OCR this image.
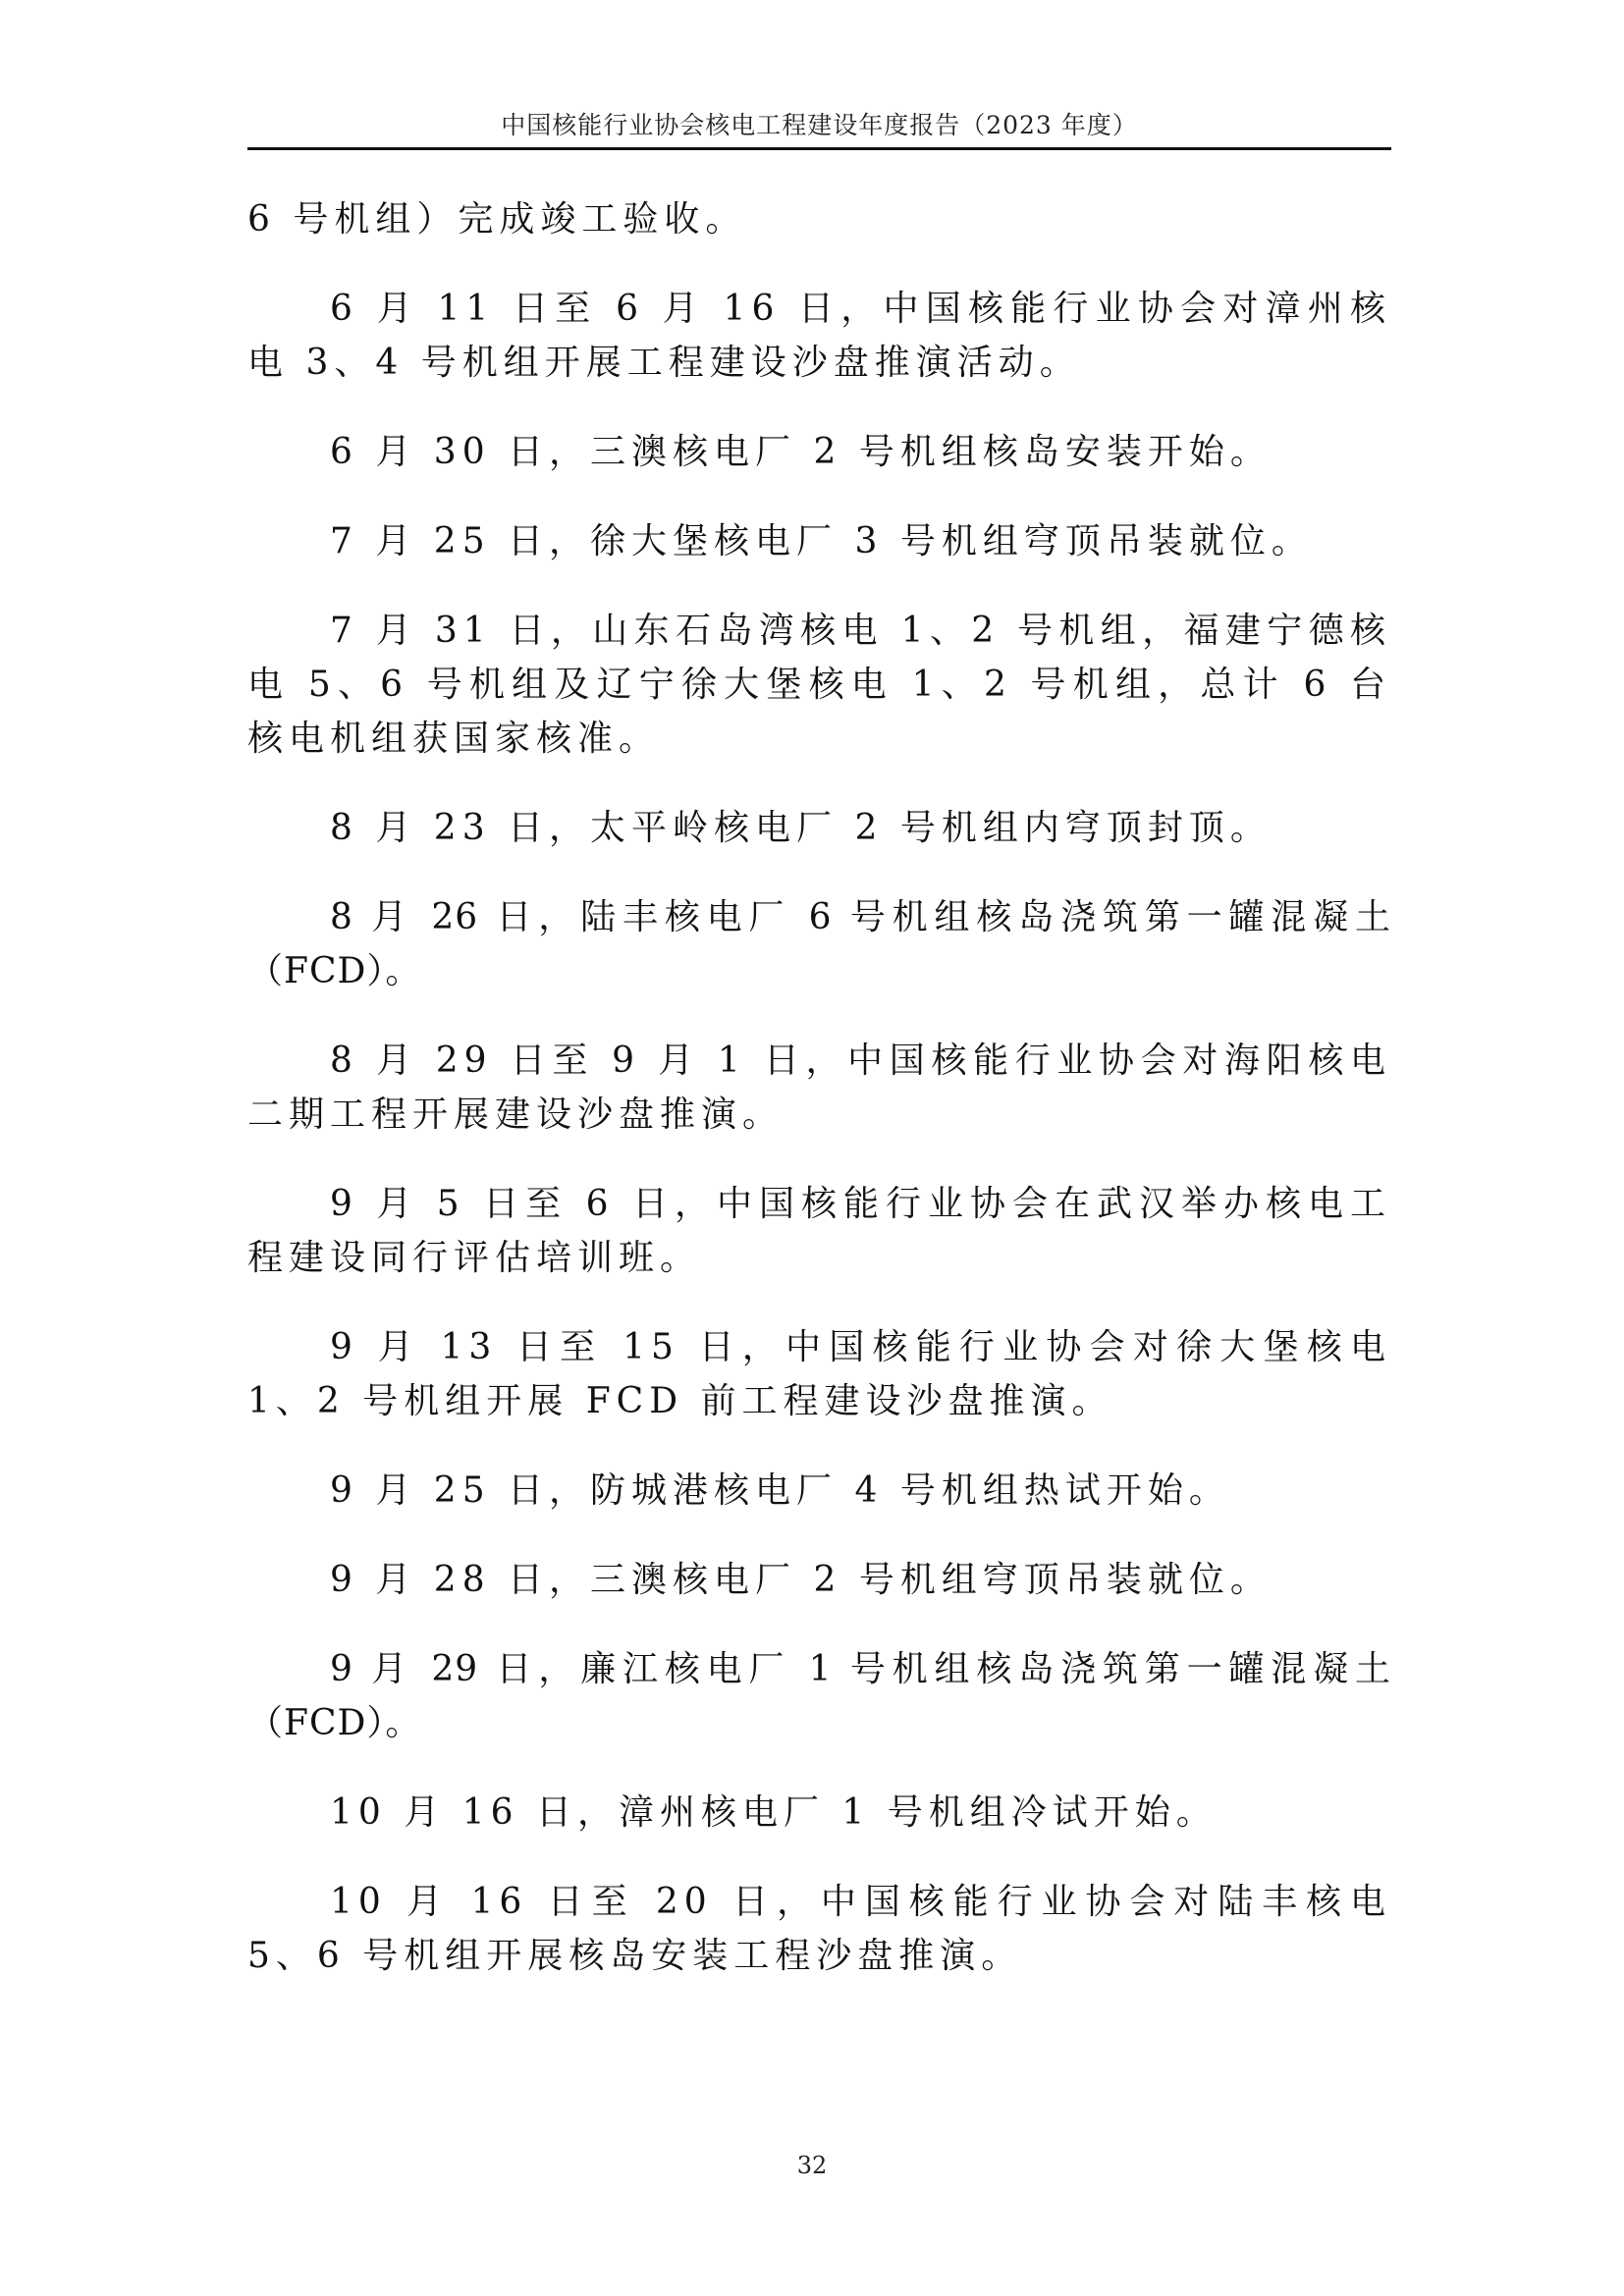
中国核能行业协会核电工程建设年度报告（2023 年度）

6 号机组）完成竣工验收。

6 月 11 日至 6 月 16 日，中国核能行业协会对漳州核电 3、4 号机组开展工程建设沙盘推演活动。

6 月 30 日，三澳核电厂 2 号机组核岛安装开始。

7 月 25 日，徐大堡核电厂 3 号机组穹顶吊装就位。

7 月 31 日，山东石岛湾核电 1、2 号机组，福建宁德核电 5、6 号机组及辽宁徐大堡核电 1、2 号机组，总计 6 台核电机组获国家核准。

8 月 23 日，太平岭核电厂 2 号机组内穹顶封顶。

8 月 26 日，陆丰核电厂 6 号机组核岛浇筑第一罐混凝土（FCD）。

8 月 29 日至 9 月 1 日，中国核能行业协会对海阳核电二期工程开展建设沙盘推演。

9 月 5 日至 6 日，中国核能行业协会在武汉举办核电工程建设同行评估培训班。

9 月 13 日至 15 日，中国核能行业协会对徐大堡核电 1、2 号机组开展 FCD 前工程建设沙盘推演。

9 月 25 日，防城港核电厂 4 号机组热试开始。

9 月 28 日，三澳核电厂 2 号机组穹顶吊装就位。

9 月 29 日，廉江核电厂 1 号机组核岛浇筑第一罐混凝土（FCD）。

10 月 16 日，漳州核电厂 1 号机组冷试开始。

10 月 16 日至 20 日，中国核能行业协会对陆丰核电 5、6 号机组开展核岛安装工程沙盘推演。

32
